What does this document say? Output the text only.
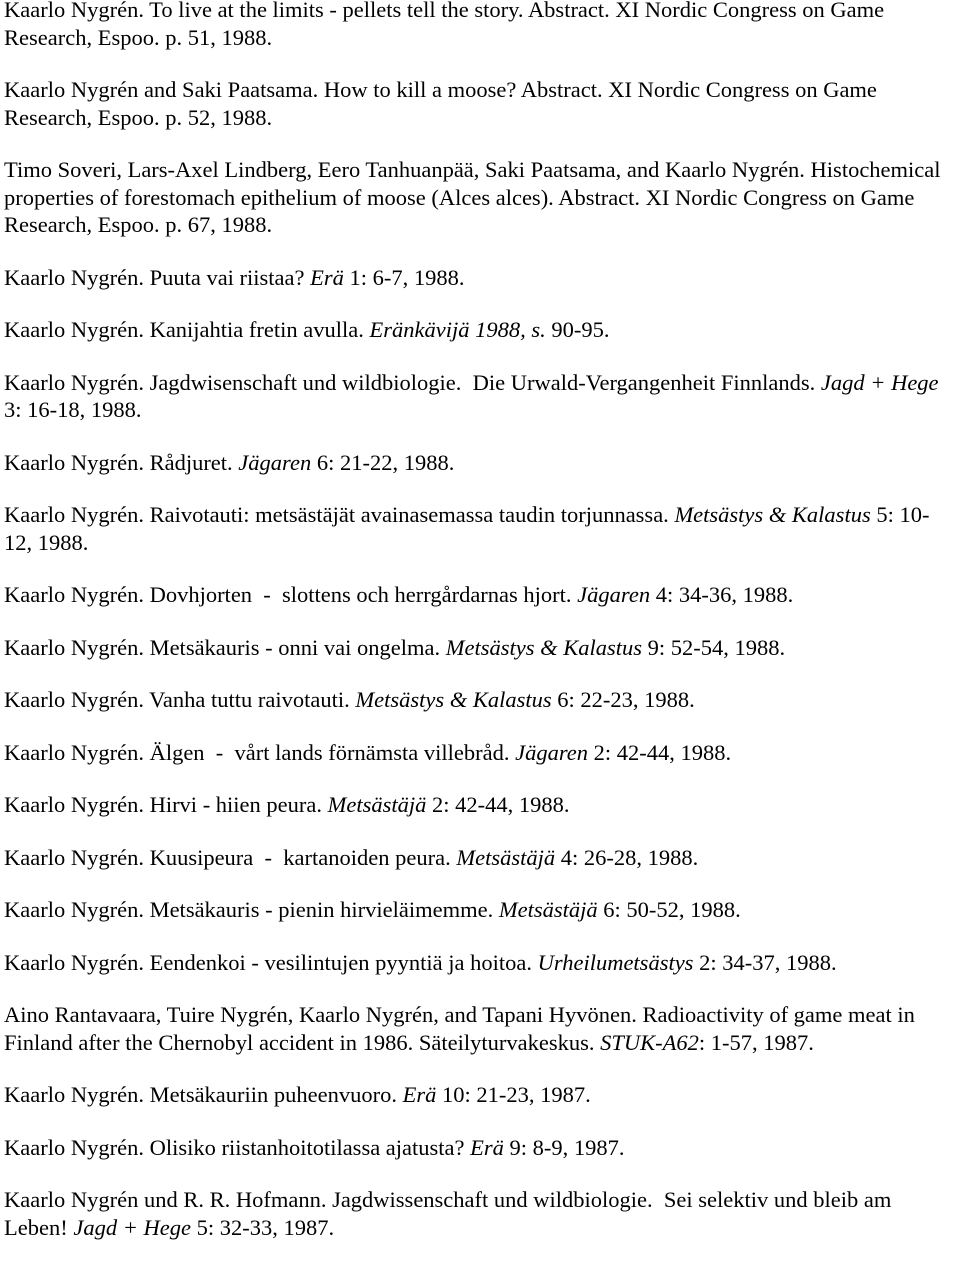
Kaarlo Nygrén. To live at the limits - pellets tell the story. Abstract. XI Nordic Congress on Game Research, Espoo. p. 51, 1988.

Kaarlo Nygrén and Saki Paatsama. How to kill a moose? Abstract. XI Nordic Congress on Game Research, Espoo. p. 52, 1988.

Timo Soveri, Lars-Axel Lindberg, Eero Tanhuanpää, Saki Paatsama, and Kaarlo Nygrén. Histochemical properties of forestomach epithelium of moose (Alces alces). Abstract. XI Nordic Congress on Game Research, Espoo. p. 67, 1988.

Kaarlo Nygrén. Puuta vai riistaa? Erä 1: 6-7, 1988.

Kaarlo Nygrén. Kanijahtia fretin avulla. Eränkävijä 1988, s. 90-95.

Kaarlo Nygrén. Jagdwisenschaft und wildbiologie.  Die Urwald-Vergangenheit Finnlands. Jagd + Hege 3: 16-18, 1988.

Kaarlo Nygrén. Rådjuret. Jägaren 6: 21-22, 1988.

Kaarlo Nygrén. Raivotauti: metsästäjät avainasemassa taudin torjunnassa. Metsästys & Kalastus 5: 10-12, 1988.

Kaarlo Nygrén. Dovhjorten  -  slottens och herrgårdarnas hjort. Jägaren 4: 34-36, 1988.

Kaarlo Nygrén. Metsäkauris - onni vai ongelma. Metsästys & Kalastus 9: 52-54, 1988.

Kaarlo Nygrén. Vanha tuttu raivotauti. Metsästys & Kalastus 6: 22-23, 1988.

Kaarlo Nygrén. Älgen  -  vårt lands förnämsta villebråd. Jägaren 2: 42-44, 1988.

Kaarlo Nygrén. Hirvi - hiien peura. Metsästäjä 2: 42-44, 1988.

Kaarlo Nygrén. Kuusipeura  -  kartanoiden peura. Metsästäjä 4: 26-28, 1988.

Kaarlo Nygrén. Metsäkauris - pienin hirvieläimemme. Metsästäjä 6: 50-52, 1988.

Kaarlo Nygrén. Eendenkoi - vesilintujen pyyntiä ja hoitoa. Urheilumetsästys 2: 34-37, 1988.

Aino Rantavaara, Tuire Nygrén, Kaarlo Nygrén, and Tapani Hyvönen. Radioactivity of game meat in Finland after the Chernobyl accident in 1986. Säteilyturvakeskus. STUK-A62: 1-57, 1987.

Kaarlo Nygrén. Metsäkauriin puheenvuoro. Erä 10: 21-23, 1987.

Kaarlo Nygrén. Olisiko riistanhoitotilassa ajatusta? Erä 9: 8-9, 1987.

Kaarlo Nygrén und R. R. Hofmann. Jagdwissenschaft und wildbiologie.  Sei selektiv und bleib am Leben! Jagd + Hege 5: 32-33, 1987.
